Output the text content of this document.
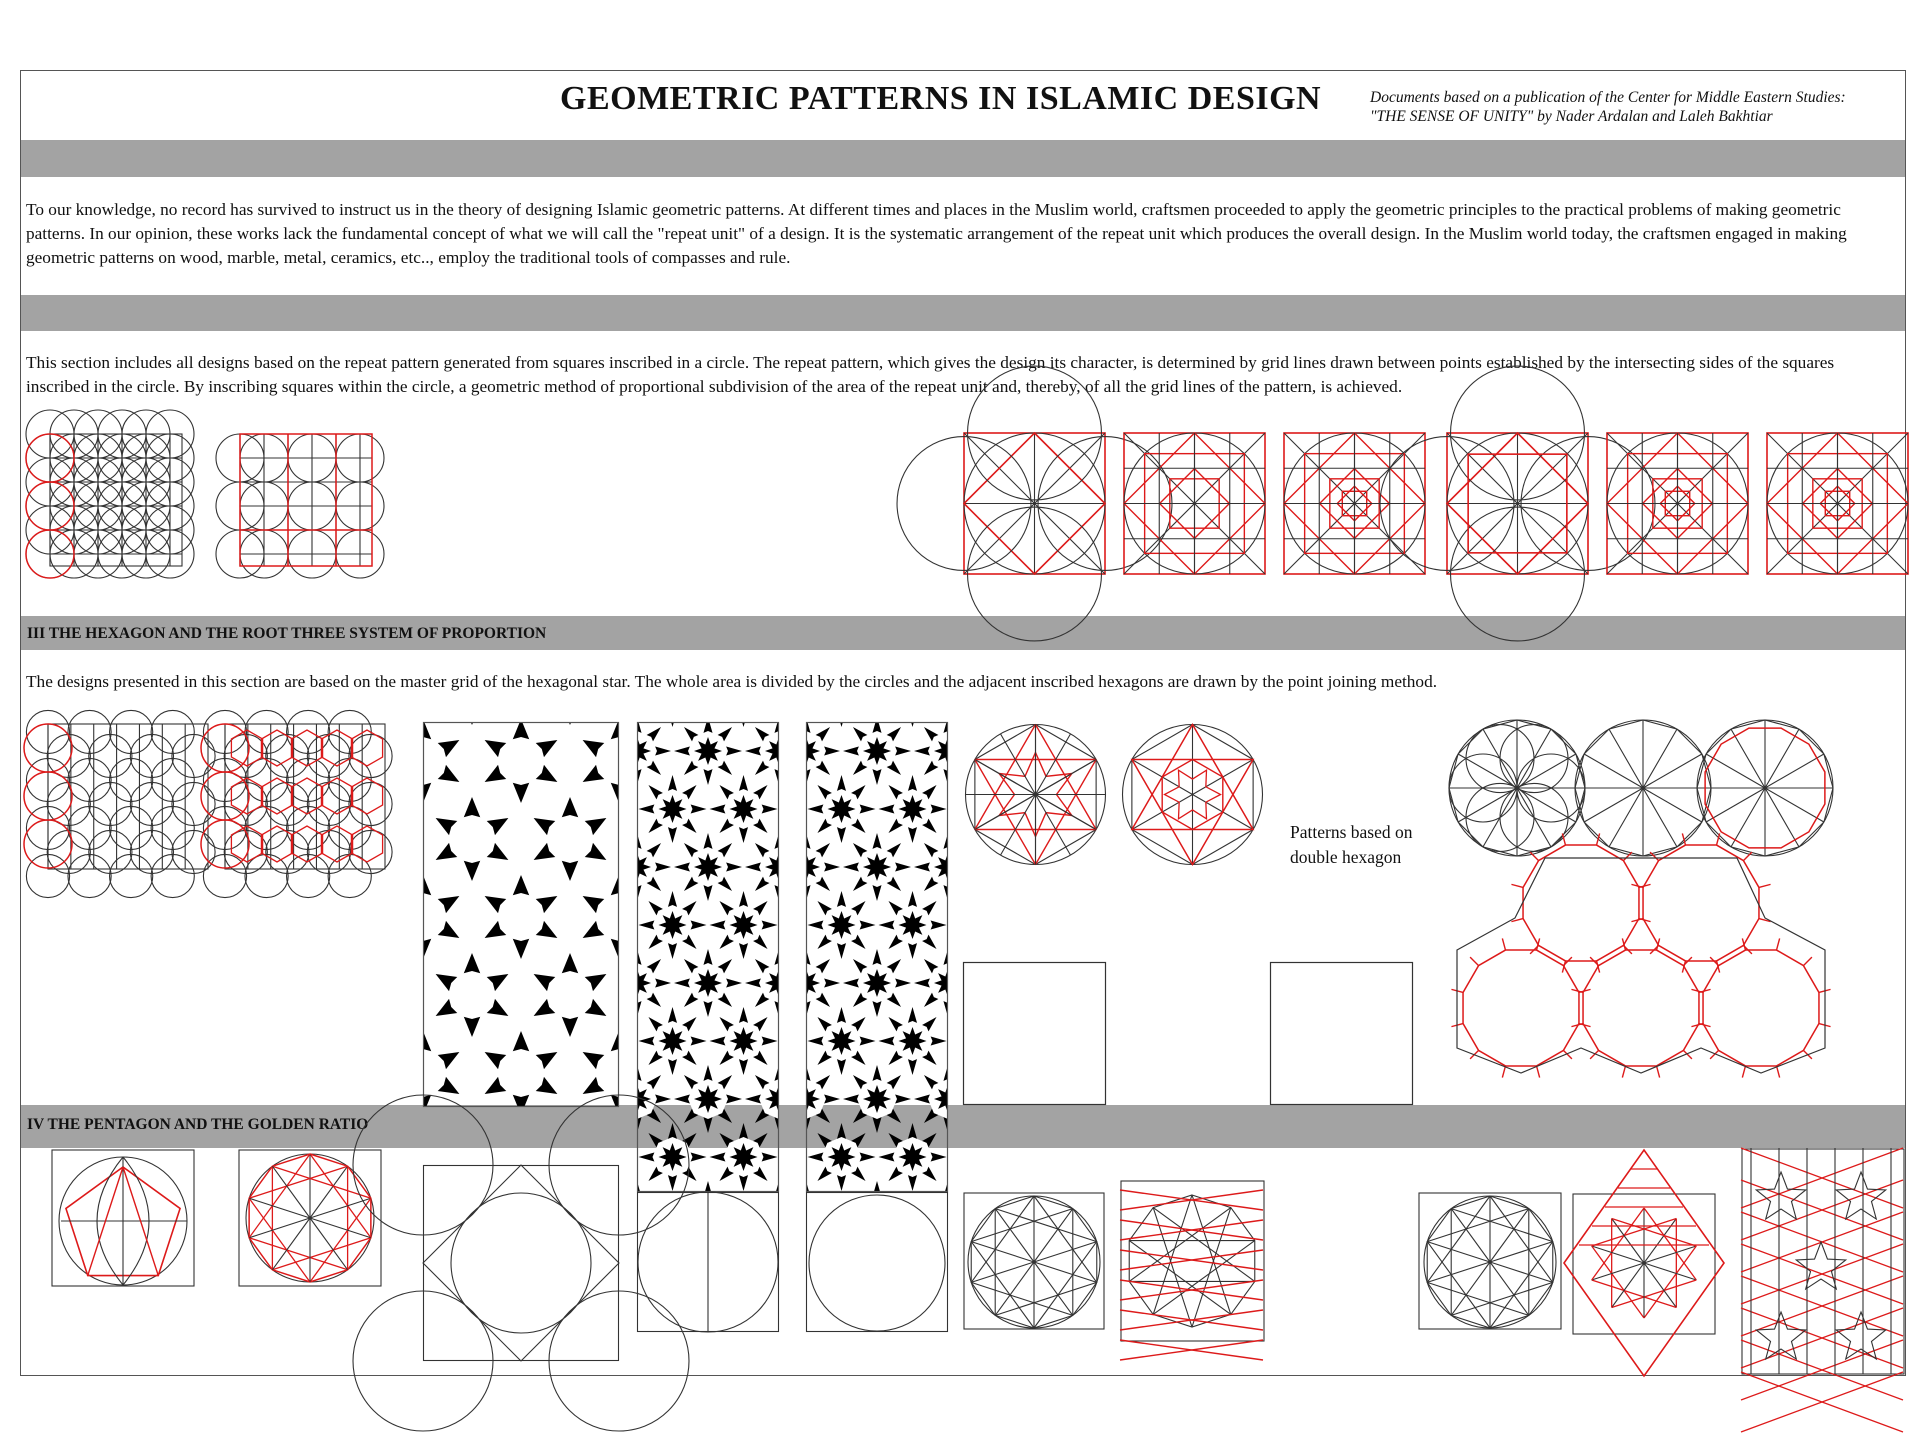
GEOMETRIC PATTERNS IN ISLAMIC DESIGN	Documents based on a publication of the Center for Middle Eastern Studies:
"THE SENSE OF UNITY" by Nader Ardalan and Laleh Bakhtiar
III THE HEXAGON AND THE ROOT THREE SYSTEM OF PROPORTION
IV THE PENTAGON AND THE GOLDEN RATIO
To our knowledge, no record has survived to instruct us in the theory of designing Islamic geometric patterns. At different times and places in the Muslim world, craftsmen proceeded to apply the geometric principles to the practical problems of making geometric patterns. In our opinion, these works lack the fundamental concept of what we will call the "repeat unit" of a design. It is the systematic arrangement of the repeat unit which produces the overall design. In the Muslim world today, the craftsmen engaged in making geometric patterns on wood, marble, metal, ceramics, etc.., employ the traditional tools of compasses and rule.
This section includes all designs based on the repeat pattern generated from squares inscribed in a circle. The repeat pattern, which gives the design its character, is determined by grid lines drawn between points established by the intersecting sides of the squares inscribed in the circle. By inscribing squares within the circle, a geometric method of proportional subdivision of the area of the repeat unit and, thereby, of all the grid lines of the pattern, is achieved.
The designs presented in this section are based on the master grid of the hexagonal star. The whole area is divided by the circles and the adjacent inscribed hexagons are drawn by the point joining method.
Patterns based on
double hexagon
